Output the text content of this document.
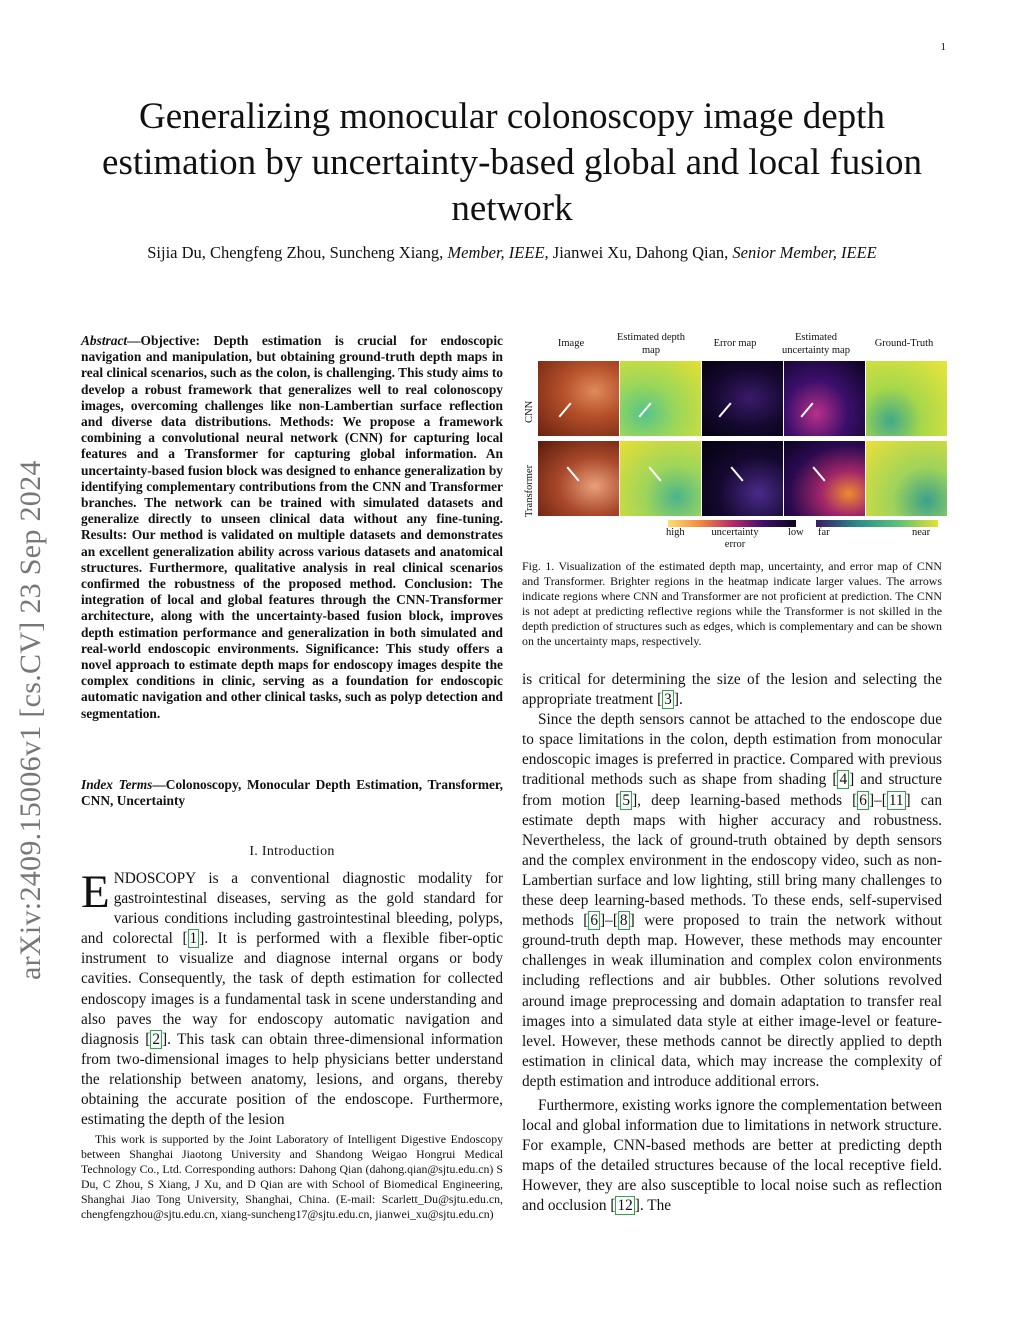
1
Generalizing monocular colonoscopy image depth estimation by uncertainty-based global and local fusion network
Sijia Du, Chengfeng Zhou, Suncheng Xiang, Member, IEEE, Jianwei Xu, Dahong Qian, Senior Member, IEEE
arXiv:2409.15006v1 [cs.CV] 23 Sep 2024
Abstract—Objective: Depth estimation is crucial for endoscopic navigation and manipulation, but obtaining ground-truth depth maps in real clinical scenarios, such as the colon, is challenging. This study aims to develop a robust framework that generalizes well to real colonoscopy images, overcoming challenges like non-Lambertian surface reflection and diverse data distributions. Methods: We propose a framework combining a convolutional neural network (CNN) for capturing local features and a Transformer for capturing global information. An uncertainty-based fusion block was designed to enhance generalization by identifying complementary contributions from the CNN and Transformer branches. The network can be trained with simulated datasets and generalize directly to unseen clinical data without any fine-tuning. Results: Our method is validated on multiple datasets and demonstrates an excellent generalization ability across various datasets and anatomical structures. Furthermore, qualitative analysis in real clinical scenarios confirmed the robustness of the proposed method. Conclusion: The integration of local and global features through the CNN-Transformer architecture, along with the uncertainty-based fusion block, improves depth estimation performance and generalization in both simulated and real-world endoscopic environments. Significance: This study offers a novel approach to estimate depth maps for endoscopy images despite the complex conditions in clinic, serving as a foundation for endoscopic automatic navigation and other clinical tasks, such as polyp detection and segmentation.
Index Terms—Colonoscopy, Monocular Depth Estimation, Transformer, CNN, Uncertainty
I. Introduction
ENDOSCOPY is a conventional diagnostic modality for gastrointestinal diseases, serving as the gold standard for various conditions including gastrointestinal bleeding, polyps, and colorectal [ 1 ]. It is performed with a flexible fiber-optic instrument to visualize and diagnose internal organs or body cavities. Consequently, the task of depth estimation for collected endoscopy images is a fundamental task in scene understanding and also paves the way for endoscopy automatic navigation and diagnosis [ 2 ]. This task can obtain three-dimensional information from two-dimensional images to help physicians better understand the relationship between anatomy, lesions, and organs, thereby obtaining the accurate position of the endoscope. Furthermore, estimating the depth of the lesion
This work is supported by the Joint Laboratory of Intelligent Digestive Endoscopy between Shanghai Jiaotong University and Shandong Weigao Hongrui Medical Technology Co., Ltd. Corresponding authors: Dahong Qian (dahong.qian@sjtu.edu.cn) S Du, C Zhou, S Xiang, J Xu, and D Qian are with School of Biomedical Engineering, Shanghai Jiao Tong University, Shanghai, China. (E-mail: Scarlett_Du@sjtu.edu.cn, chengfengzhou@sjtu.edu.cn, xiang-suncheng17@sjtu.edu.cn, jianwei_xu@sjtu.edu.cn)
Image
Estimated depth map
Error map
Estimated uncertainty map
Ground-Truth
CNN
Transformer
high	uncertainty error
low far	near
Fig. 1. Visualization of the estimated depth map, uncertainty, and error map of CNN and Transformer. Brighter regions in the heatmap indicate larger values. The arrows indicate regions where CNN and Transformer are not proficient at prediction. The CNN is not adept at predicting reflective regions while the Transformer is not skilled in the depth prediction of structures such as edges, which is complementary and can be shown on the uncertainty maps, respectively.
is critical for determining the size of the lesion and selecting the appropriate treatment [ 3 ].
Since the depth sensors cannot be attached to the endoscope due to space limitations in the colon, depth estimation from monocular endoscopic images is preferred in practice. Compared with previous traditional methods such as shape from shading [ 4 ] and structure from motion [ 5 ], deep learning-based methods [ 6 ]–[ 11 ] can estimate depth maps with higher accuracy and robustness. Nevertheless, the lack of ground-truth obtained by depth sensors and the complex environment in the endoscopy video, such as non-Lambertian surface and low lighting, still bring many challenges to these deep learning-based methods. To these ends, self-supervised methods [ 6 ]–[ 8 ] were proposed to train the network without ground-truth depth map. However, these methods may encounter challenges in weak illumination and complex colon environments including reflections and air bubbles. Other solutions revolved around image preprocessing and domain adaptation to transfer real images into a simulated data style at either image-level or feature-level. However, these methods cannot be directly applied to depth estimation in clinical data, which may increase the complexity of depth estimation and introduce additional errors.
Furthermore, existing works ignore the complementation between local and global information due to limitations in network structure. For example, CNN-based methods are better at predicting depth maps of the detailed structures because of the local receptive field. However, they are also susceptible to local noise such as reflection and occlusion [ 12 ]. The
